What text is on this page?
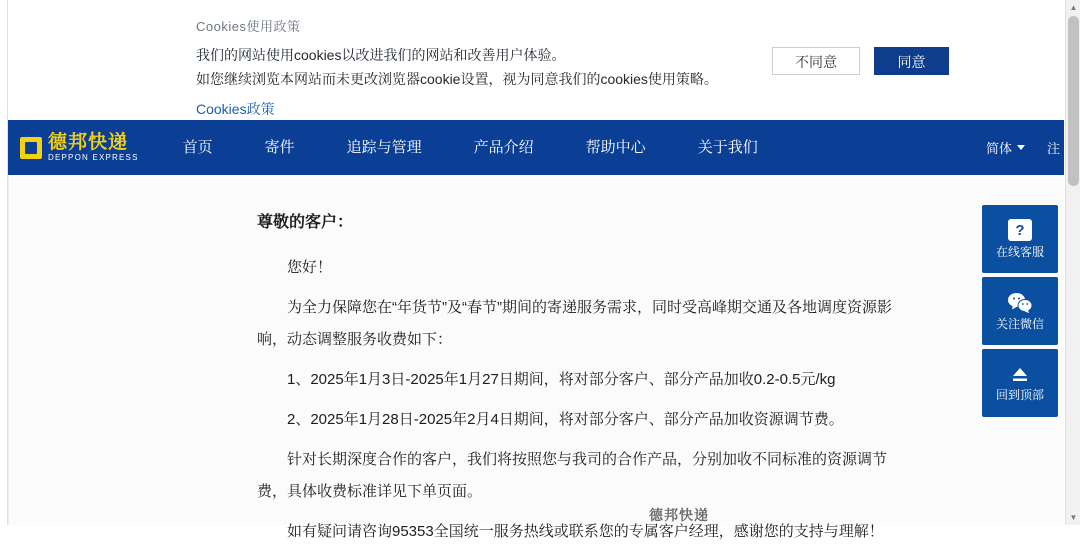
Cookies使用政策
我们的网站使用cookies以改进我们的网站和改善用户体验。
如您继续浏览本网站而未更改浏览器cookie设置，视为同意我们的cookies使用策略。
Cookies政策
不同意	同意
德邦快递
DEPPON EXPRESS
首页	寄件	追踪与管理	产品介绍	帮助中心	关于我们	简体	注
尊敬的客户：

您好！

为全力保障您在“年货节”及“春节”期间的寄递服务需求，同时受高峰期交通及各地调度资源影响，动态调整服务收费如下：

1、2025年1月3日-2025年1月27日期间，将对部分客户、部分产品加收0.2-0.5元/kg

2、2025年1月28日-2025年2月4日期间，将对部分客户、部分产品加收资源调节费。

针对长期深度合作的客户，我们将按照您与我司的合作产品，分别加收不同标准的资源调节费，具体收费标准详见下单页面。

如有疑问请咨询95353全国统一服务热线或联系您的专属客户经理，感谢您的支持与理解！

德邦快递
?
在线客服
关注微信
回到顶部
▲
▼
